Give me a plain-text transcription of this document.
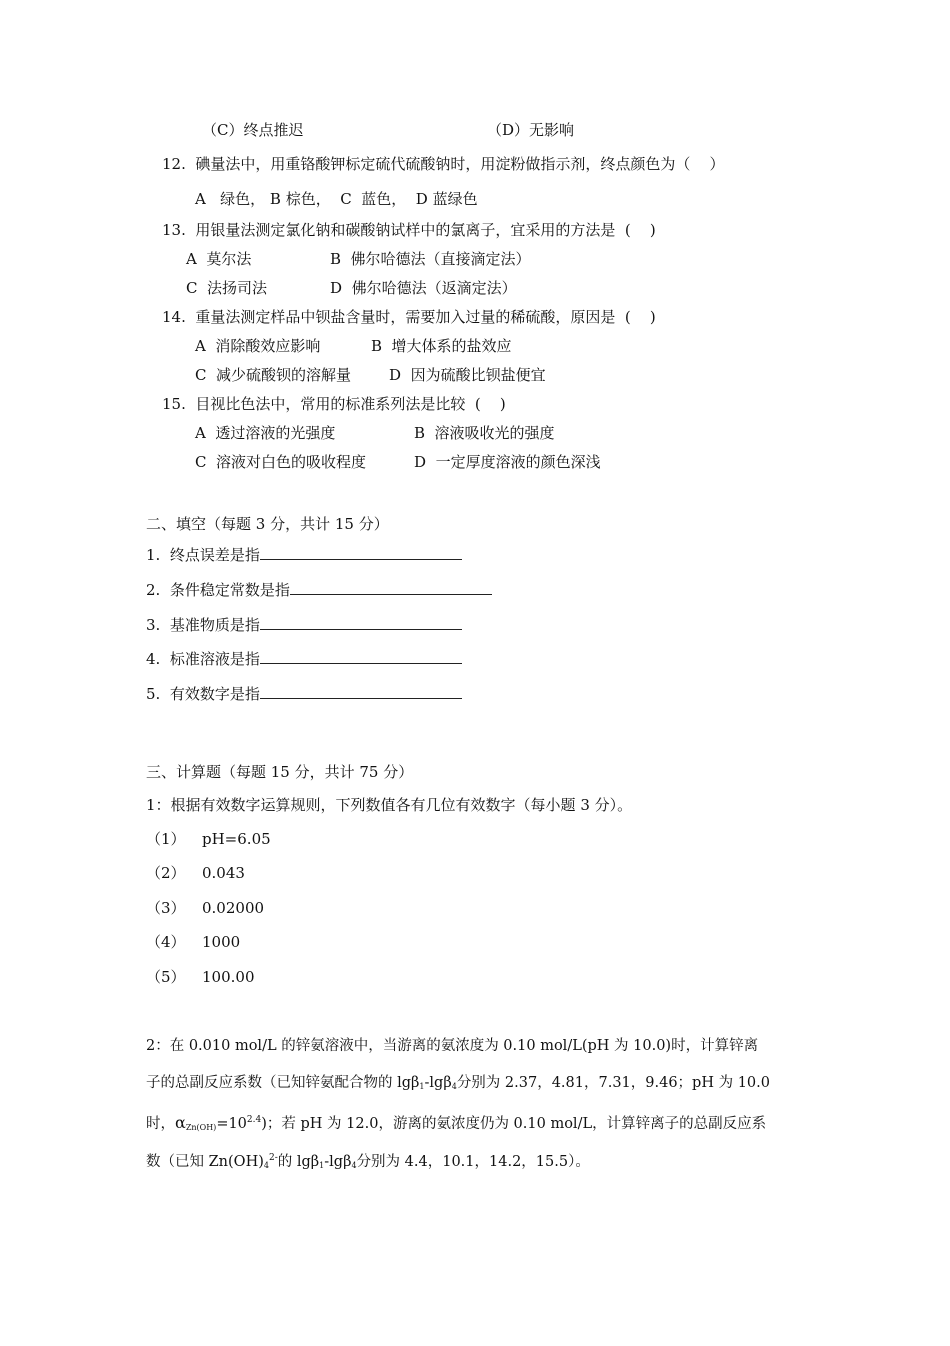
（C）终点推迟	（D）无影响
12.  碘量法中，用重铬酸钾标定硫代硫酸钠时，用淀粉做指示剂，终点颜色为（    ）
A   绿色， B 棕色，  C  蓝色，  D 蓝绿色
13.  用银量法测定氯化钠和碳酸钠试样中的氯离子，宜采用的方法是  (    )
A  莫尔法	B  佛尔哈德法（直接滴定法）
C  法扬司法	D  佛尔哈德法（返滴定法）
14.  重量法测定样品中钡盐含量时，需要加入过量的稀硫酸，原因是  (    )
A  消除酸效应影响	B  增大体系的盐效应
C  减少硫酸钡的溶解量	D  因为硫酸比钡盐便宜
15.  目视比色法中，常用的标准系列法是比较  (    )
A  透过溶液的光强度	B  溶液吸收光的强度
C  溶液对白色的吸收程度	D  一定厚度溶液的颜色深浅
二、填空（每题 3 分，共计 15 分）
1.  终点误差是指
2.  条件稳定常数是指
3.  基准物质是指
4.  标准溶液是指
5.  有效数字是指
三、计算题（每题 15 分，共计 75 分）
1：根据有效数字运算规则，下列数值各有几位有效数字（每小题 3 分）。
（1） pH=6.05
（2） 0.043
（3） 0.02000
（4） 1000
（5） 100.00
2：在 0.010 mol/L 的锌氨溶液中，当游离的氨浓度为 0.10 mol/L(pH 为 10.0)时，计算锌离
子的总副反应系数（已知锌氨配合物的 lgβ$_1$-lgβ$_4$分别为 2.37，4.81，7.31，9.46；pH 为 10.0
时，$\alpha_{Zn(OH)}=10^{2.4}$)；若 pH 为 12.0，游离的氨浓度仍为 0.10 mol/L，计算锌离子的总副反应系
数（已知 $Zn(OH)_4^{2-}$的 lgβ$_1$-lgβ$_4$分别为 4.4，10.1，14.2，15.5）。
